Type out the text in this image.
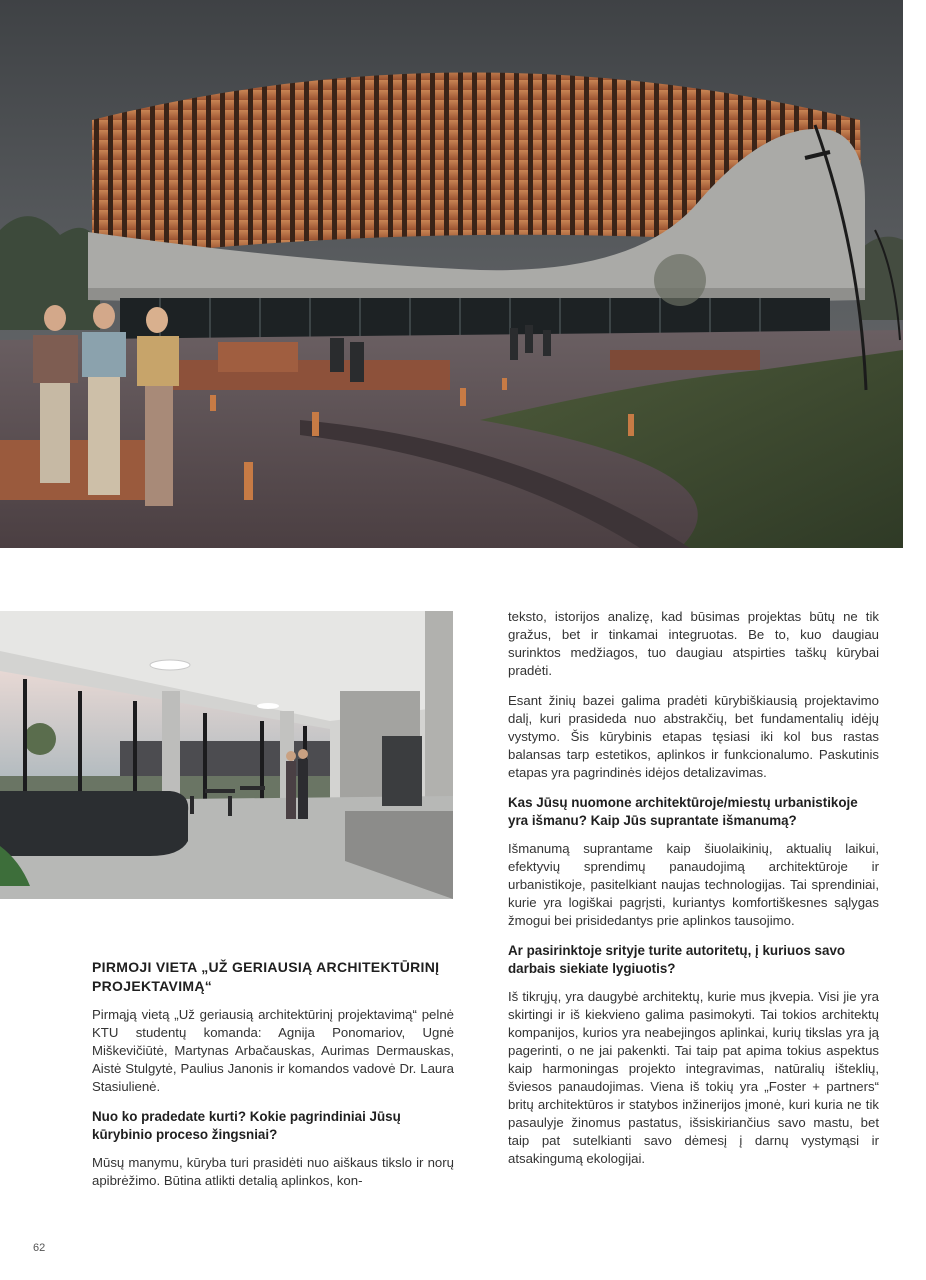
PIRMOJI VIETA „UŽ GERIAUSIĄ ARCHITEKTŪRINĮ PROJEKTAVIMĄ“

Pirmąją vietą „Už geriausią architektūrinį projektavimą“ pelnė KTU studentų komanda: Agnija Ponomariov, Ugnė Miškevičiūtė, Martynas Arbačauskas, Aurimas Dermauskas, Aistė Stulgytė, Paulius Janonis ir komandos vadovė Dr. Laura Stasiulienė.

Nuo ko pradedate kurti? Kokie pagrindiniai Jūsų kūrybinio proceso žingsniai?

Mūsų manymu, kūryba turi prasidėti nuo aiškaus tikslo ir norų apibrėžimo. Būtina atlikti detalią aplinkos, kon-

teksto, istorijos analizę, kad būsimas projektas būtų ne tik gražus, bet ir tinkamai integruotas. Be to, kuo daugiau surinktos medžiagos, tuo daugiau atspirties taškų kūrybai pradėti.

Esant žinių bazei galima pradėti kūrybiškiausią projektavimo dalį, kuri prasideda nuo abstrakčių, bet fundamentalių idėjų vystymo. Šis kūrybinis etapas tęsiasi iki kol bus rastas balansas tarp estetikos, aplinkos ir funkcionalumo. Paskutinis etapas yra pagrindinės idėjos detalizavimas.

Kas Jūsų nuomone architektūroje/miestų urbanistikoje yra išmanu? Kaip Jūs suprantate išmanumą?

Išmanumą suprantame kaip šiuolaikinių, aktualių laikui, efektyvių sprendimų panaudojimą architektūroje ir urbanistikoje, pasitelkiant naujas technologijas. Tai sprendiniai, kurie yra logiškai pagrįsti, kuriantys komfortiškesnes sąlygas žmogui bei prisidedantys prie aplinkos tausojimo.

Ar pasirinktoje srityje turite autoritetų, į kuriuos savo darbais siekiate lygiuotis?

Iš tikrųjų, yra daugybė architektų, kurie mus įkvepia. Visi jie yra skirtingi ir iš kiekvieno galima pasimokyti. Tai tokios architektų kompanijos, kurios yra neabejingos aplinkai, kurių tikslas yra ją pagerinti, o ne jai pakenkti. Tai taip pat apima tokius aspektus kaip harmoningas projekto integravimas, natūralių išteklių, šviesos panaudojimas. Viena iš tokių yra „Foster + partners“ britų architektūros ir statybos inžinerijos įmonė, kuri kuria ne tik pasaulyje žinomus pastatus, išsiskiriančius savo mastu, bet taip pat sutelkianti savo dėmesį į darnų vystymąsi ir atsakingumą ekologijai.

62
